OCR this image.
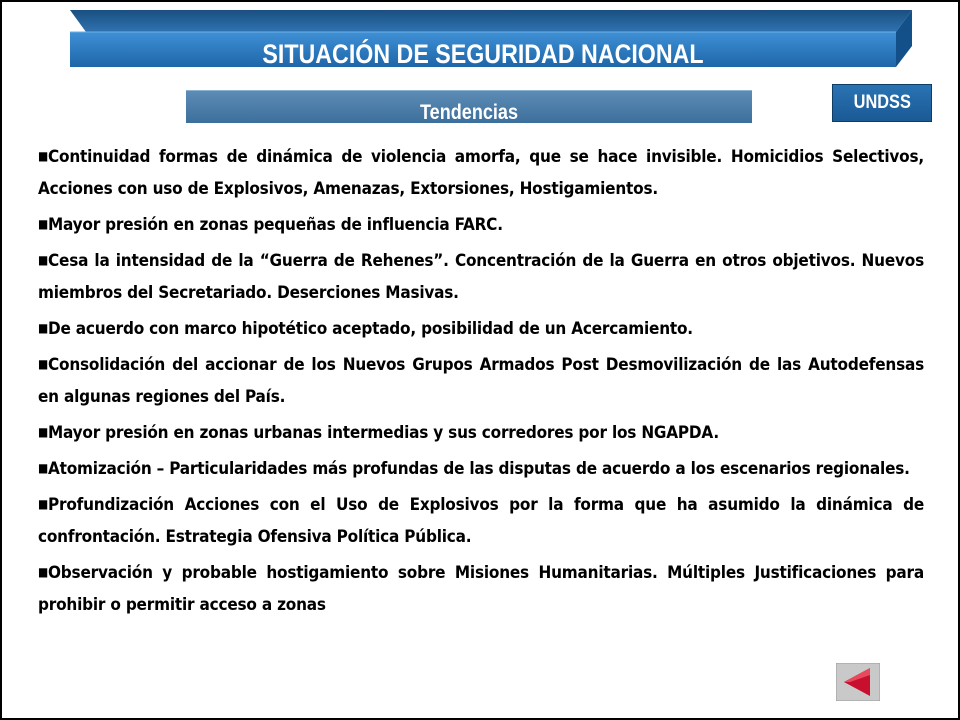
SITUACIÓN DE SEGURIDAD NACIONAL
Tendencias	UNDSS
■Continuidad formas de dinámica de violencia amorfa, que se hace invisible. Homicidios Selectivos, Acciones con uso de Explosivos, Amenazas, Extorsiones, Hostigamientos.
■Mayor presión en zonas pequeñas de influencia FARC.
■Cesa la intensidad de la “Guerra de Rehenes”. Concentración de la Guerra en otros objetivos. Nuevos miembros del Secretariado. Deserciones Masivas.
■De acuerdo con marco hipotético aceptado, posibilidad de un Acercamiento.
■Consolidación del accionar de los Nuevos Grupos Armados Post Desmovilización de las Autodefensas en algunas regiones del País.
■Mayor presión en zonas urbanas intermedias y sus corredores por los NGAPDA.
■Atomización – Particularidades más profundas de las disputas de acuerdo a los escenarios regionales.
■Profundización Acciones con el Uso de Explosivos por la forma que ha asumido la dinámica de confrontación. Estrategia Ofensiva Política Pública.
■Observación y probable hostigamiento sobre Misiones Humanitarias. Múltiples Justificaciones para prohibir o permitir acceso a zonas
